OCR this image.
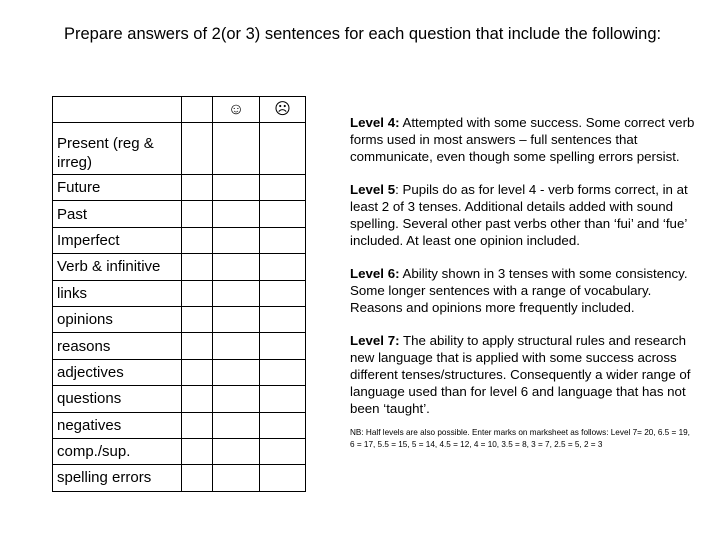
Prepare answers of 2(or 3) sentences for each question that include the following:
		☺	☹
Present (reg & irreg)			
Future			
Past			
Imperfect			
Verb & infinitive			
links			
opinions			
reasons			
adjectives			
questions			
negatives			
comp./sup.			
spelling errors			

Level 4: Attempted with some success. Some correct verb forms used in most answers – full sentences that communicate, even though some spelling errors persist.

Level 5: Pupils do as for level 4 - verb forms correct, in at least 2 of 3 tenses. Additional details added with sound spelling. Several other past verbs other than ‘fui’ and ‘fue’ included. At least one opinion included.

Level 6: Ability shown in 3 tenses with some consistency. Some longer sentences with a range of vocabulary. Reasons and opinions more frequently included.

Level 7: The ability to apply structural rules and research new language that is applied with some success across different tenses/structures. Consequently a wider range of language used than for level 6 and language that has not been ‘taught’.

NB: Half levels are also possible. Enter marks on marksheet as follows: Level 7= 20, 6.5 = 19, 6 = 17, 5.5 = 15, 5 = 14, 4.5 = 12, 4 = 10, 3.5 = 8, 3 = 7, 2.5 = 5, 2 = 3
